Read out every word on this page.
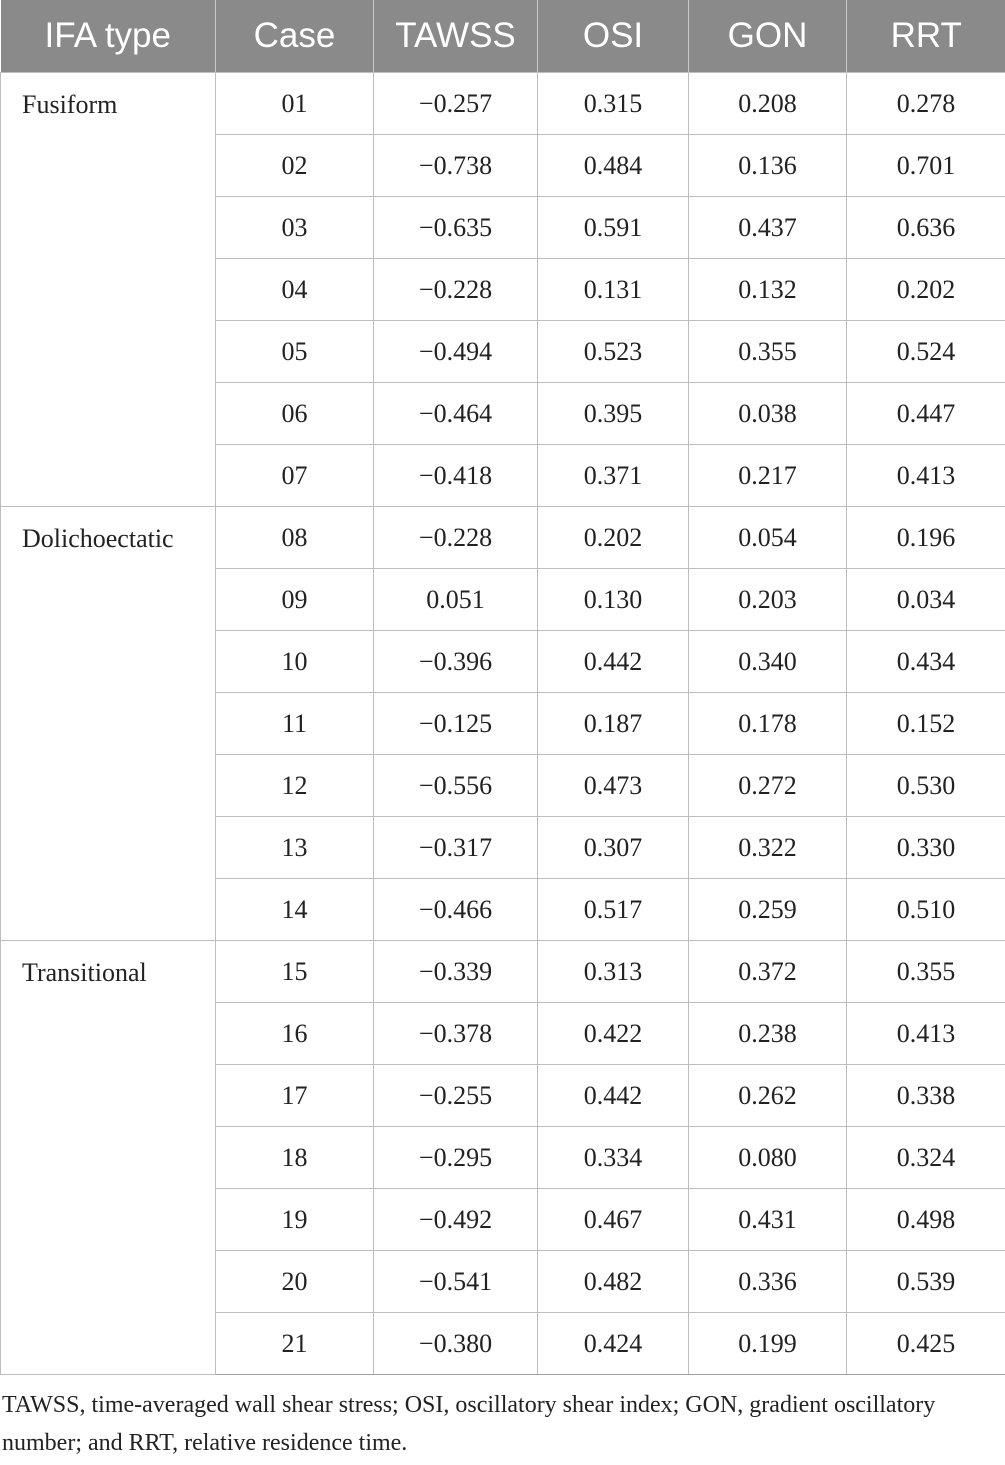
IFA type	Case	TAWSS	OSI	GON	RRT
Fusiform	01	−0.257	0.315	0.208	0.278
	02	−0.738	0.484	0.136	0.701
	03	−0.635	0.591	0.437	0.636
	04	−0.228	0.131	0.132	0.202
	05	−0.494	0.523	0.355	0.524
	06	−0.464	0.395	0.038	0.447
	07	−0.418	0.371	0.217	0.413
Dolichoectatic	08	−0.228	0.202	0.054	0.196
	09	0.051	0.130	0.203	0.034
	10	−0.396	0.442	0.340	0.434
	11	−0.125	0.187	0.178	0.152
	12	−0.556	0.473	0.272	0.530
	13	−0.317	0.307	0.322	0.330
	14	−0.466	0.517	0.259	0.510
Transitional	15	−0.339	0.313	0.372	0.355
	16	−0.378	0.422	0.238	0.413
	17	−0.255	0.442	0.262	0.338
	18	−0.295	0.334	0.080	0.324
	19	−0.492	0.467	0.431	0.498
	20	−0.541	0.482	0.336	0.539
	21	−0.380	0.424	0.199	0.425
TAWSS, time-averaged wall shear stress; OSI, oscillatory shear index; GON, gradient oscillatory number; and RRT, relative residence time.
